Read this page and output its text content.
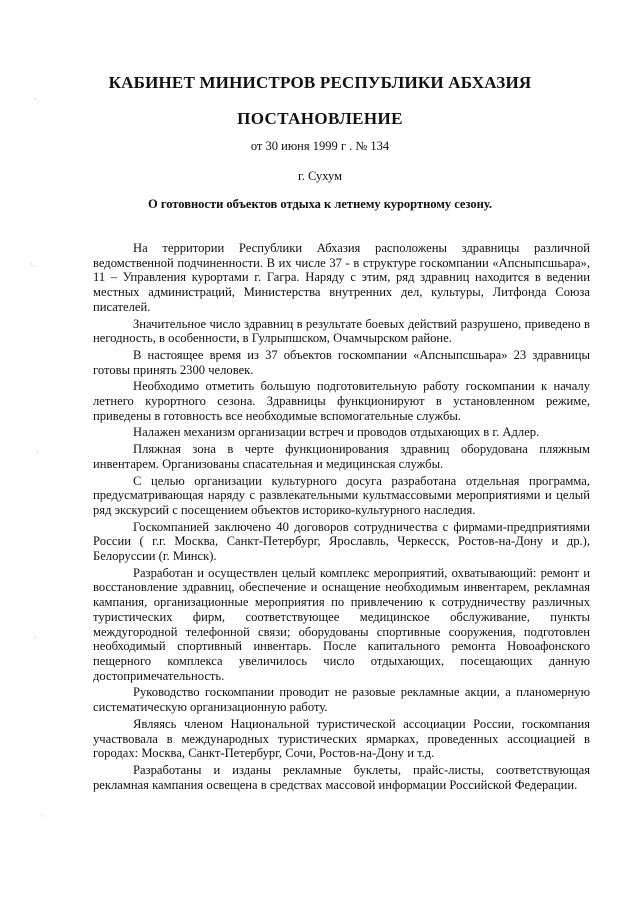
ʿ·
ʿ·
·
ʿ
·
КАБИНЕТ МИНИСТРОВ РЕСПУБЛИКИ АБХАЗИЯ
ПОСТАНОВЛЕНИЕ
от 30 июня 1999 г . № 134
г. Сухум
О готовности объектов отдыха к летнему курортному сезону.

На территории Республики Абхазия расположены здравницы различной ведомственной подчиненности. В их числе 37 - в структуре госкомпании «Апсныпсшьара», 11 – Управления курортами г. Гагра. Наряду с этим, ряд здравниц находится в ведении местных администраций, Министерства внутренних дел, культуры, Литфонда Союза писателей.

Значительное число здравниц в результате боевых действий разрушено, приведено в негодность, в особенности, в Гулрыпшском, Очамчырском районе.

В настоящее время из 37 объектов госкомпании «Апсныпсшьара» 23 здравницы готовы принять 2300 человек.

Необходимо отметить большую подготовительную работу госкомпании к началу летнего курортного сезона. Здравницы функционируют в установленном режиме, приведены в готовность все необходимые вспомогательные службы.

Налажен механизм организации встреч и проводов отдыхающих в г. Адлер.

Пляжная зона в черте функционирования здравниц оборудована пляжным инвентарем. Организованы спасательная и медицинская службы.

С целью организации культурного досуга разработана отдельная программа, предусматривающая наряду с развлекательными культмассовыми мероприятиями и целый ряд экскурсий с посещением объектов историко-культурного наследия.

Госкомпанией заключено 40 договоров сотрудничества с фирмами-предприятиями России ( г.г. Москва, Санкт-Петербург, Ярославль, Черкесск, Ростов-на-Дону и др.), Белоруссии (г. Минск).

Разработан и осуществлен целый комплекс мероприятий, охватывающий: ремонт и восстановление здравниц, обеспечение и оснащение необходимым инвентарем, рекламная кампания, организационные мероприятия по привлечению к сотрудничеству различных туристических фирм, соответствующее медицинское обслуживание, пункты междугородной телефонной связи; оборудованы спортивные сооружения, подготовлен необходимый спортивный инвентарь. После капитального ремонта Новоафонского пещерного комплекса увеличилось число отдыхающих, посещающих данную достопримечательность.

Руководство госкомпании проводит не разовые рекламные акции, а планомерную систематическую организационную работу.

Являясь членом Национальной туристической ассоциации России, госкомпания участвовала в международных туристических ярмарках, проведенных ассоциацией в городах: Москва, Санкт-Петербург, Сочи, Ростов-на-Дону и т.д.

Разработаны и изданы рекламные буклеты, прайс-листы, соответствующая рекламная кампания освещена в средствах массовой информации Российской Федерации.
